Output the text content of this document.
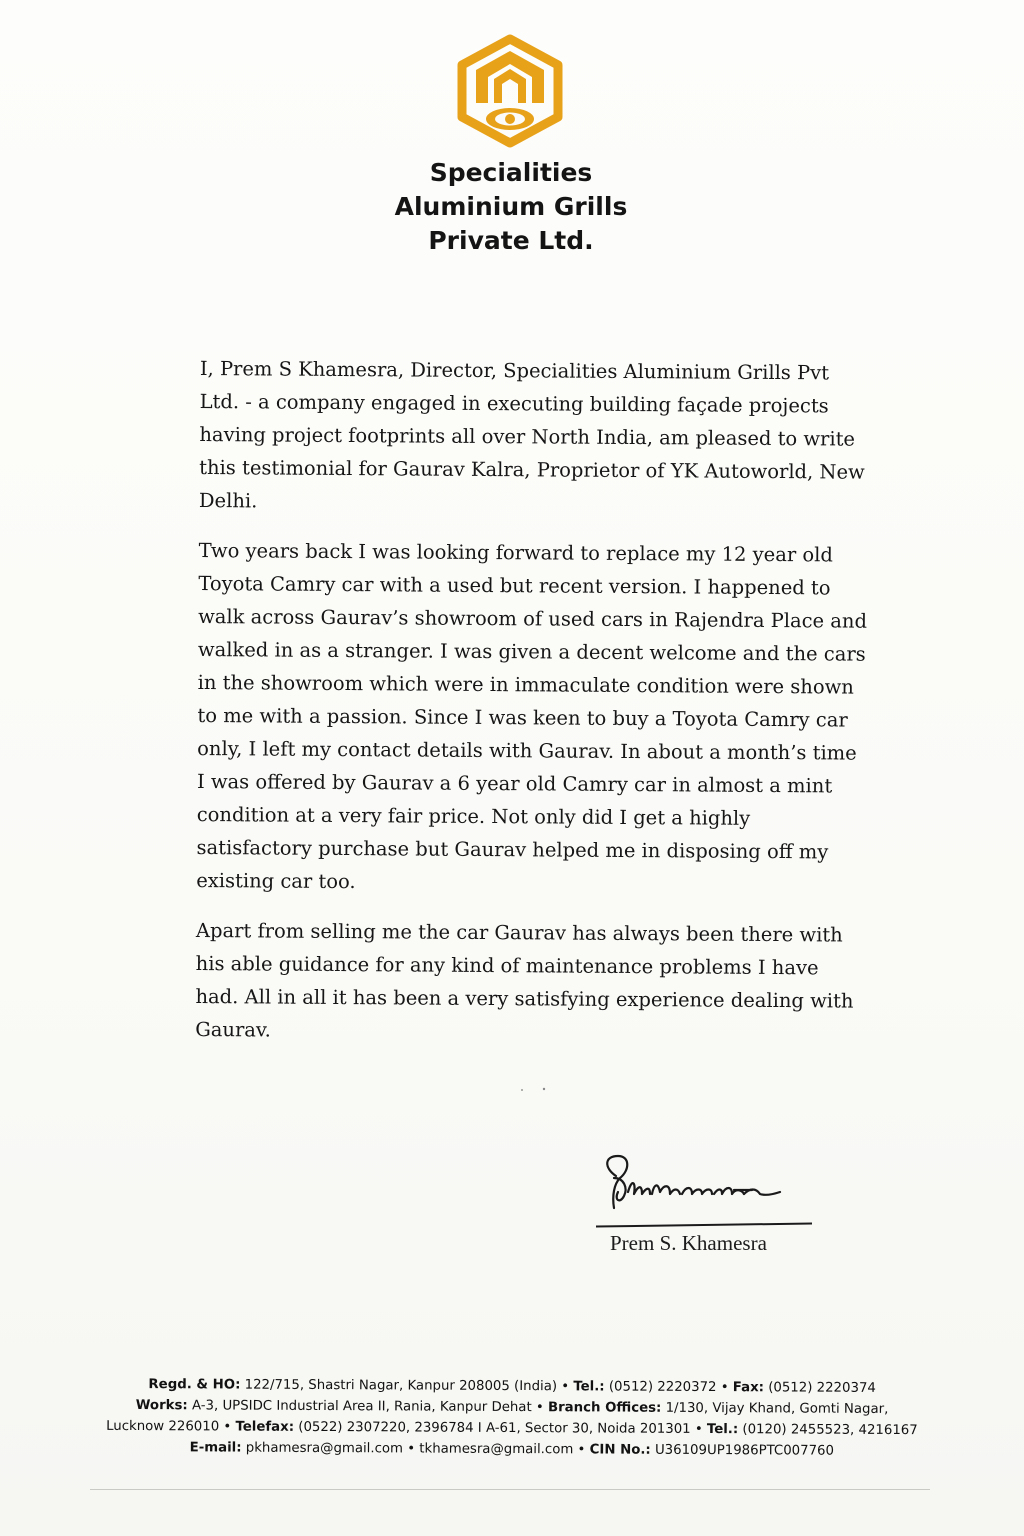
Specialities
Aluminium Grills
Private Ltd.

I, Prem S Khamesra, Director, Specialities Aluminium Grills Pvt Ltd. - a company engaged in executing building façade projects having project footprints all over North India, am pleased to write this testimonial for Gaurav Kalra, Proprietor of YK Autoworld, New Delhi.

Two years back I was looking forward to replace my 12 year old Toyota Camry car with a used but recent version. I happened to walk across Gaurav’s showroom of used cars in Rajendra Place and walked in as a stranger. I was given a decent welcome and the cars in the showroom which were in immaculate condition were shown to me with a passion. Since I was keen to buy a Toyota Camry car only, I left my contact details with Gaurav. In about a month’s time I was offered by Gaurav a 6 year old Camry car in almost a mint condition at a very fair price. Not only did I get a highly satisfactory purchase but Gaurav helped me in disposing off my existing car too.

Apart from selling me the car Gaurav has always been there with his able guidance for any kind of maintenance problems I have had. All in all it has been a very satisfying experience dealing with Gaurav.

Prem S. Khamesra
Regd. & HO: 122/715, Shastri Nagar, Kanpur 208005 (India) • Tel.: (0512) 2220372 • Fax: (0512) 2220374
Works: A-3, UPSIDC Industrial Area II, Rania, Kanpur Dehat • Branch Offices: 1/130, Vijay Khand, Gomti Nagar,
Lucknow 226010 • Telefax: (0522) 2307220, 2396784 I A-61, Sector 30, Noida 201301 • Tel.: (0120) 2455523, 4216167
E-mail: pkhamesra@gmail.com • tkhamesra@gmail.com • CIN No.: U36109UP1986PTC007760
